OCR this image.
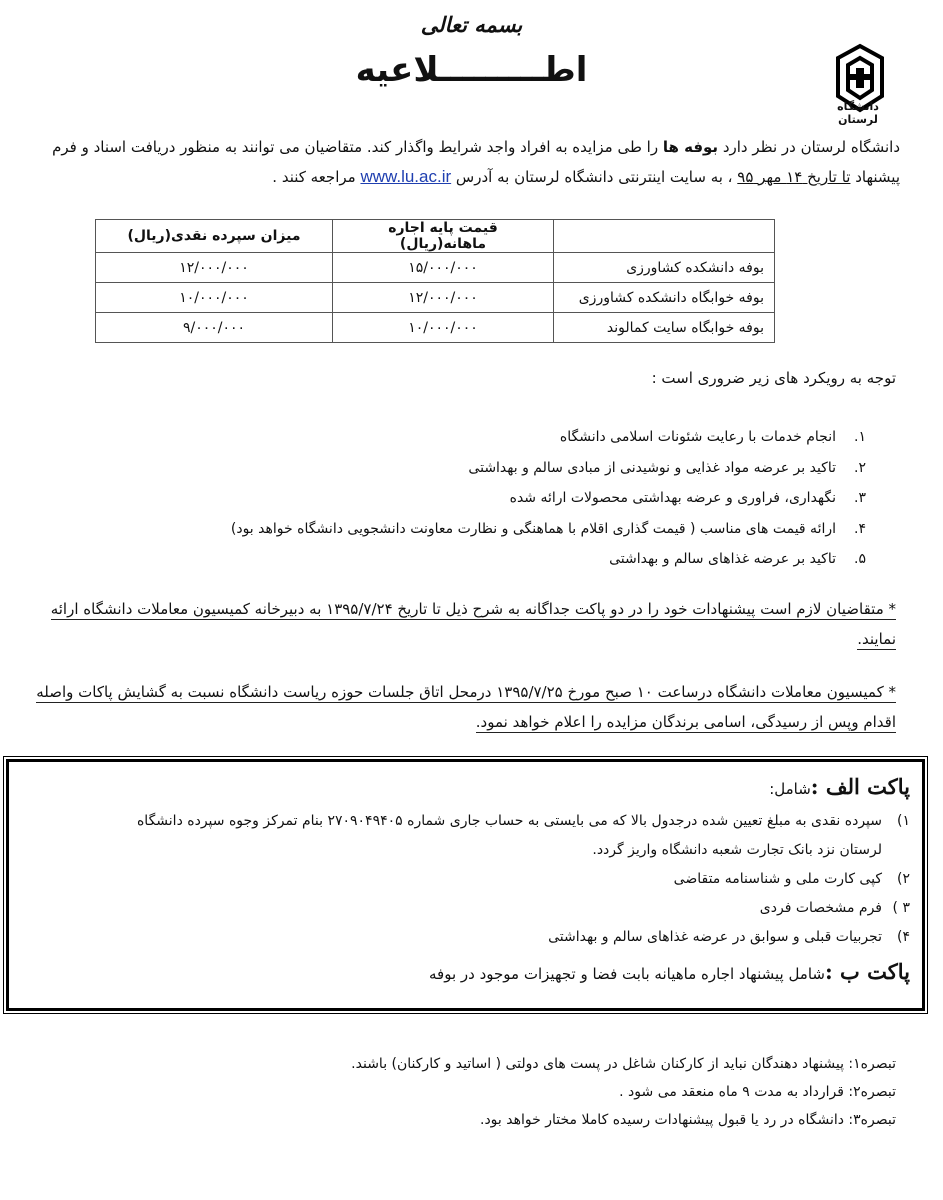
بسمه تعالی
اطـــــــــلاعیه
دانشگاه لرستان
دانشگاه لرستان در نظر دارد بوفه ها را طی مزایده به افراد واجد شرایط واگذار کند. متقاضیان می توانند به منظور دریافت اسناد و فرم پیشنهاد تا تاریخ ۱۴ مهر ۹۵ ، به سایت اینترنتی دانشگاه لرستان به آدرس www.lu.ac.ir مراجعه کنند .
	قیمت پایه اجاره ماهانه(ریال)	میزان سپرده نقدی(ریال)
بوفه دانشکده کشاورزی	۱۵/۰۰۰/۰۰۰	۱۲/۰۰۰/۰۰۰
بوفه خوابگاه دانشکده کشاورزی	۱۲/۰۰۰/۰۰۰	۱۰/۰۰۰/۰۰۰
بوفه خوابگاه سایت کمالوند	۱۰/۰۰۰/۰۰۰	۹/۰۰۰/۰۰۰
توجه به رویکرد های زیر ضروری است :
۱.انجام خدمات با رعایت شئونات اسلامی دانشگاه
۲.تاکید بر عرضه مواد غذایی و نوشیدنی از مبادی سالم و بهداشتی
۳.نگهداری، فراوری و عرضه بهداشتی محصولات ارائه شده
۴.ارائه قیمت های مناسب ( قیمت گذاری اقلام با هماهنگی و نظارت معاونت دانشجویی دانشگاه خواهد بود)
۵.تاکید بر عرضه غذاهای سالم و بهداشتی
* متقاضیان لازم است پیشنهادات خود را در دو پاکت جداگانه به شرح ذیل تا تاریخ ۱۳۹۵/۷/۲۴ به دبیرخانه کمیسیون معاملات دانشگاه ارائه
نمایند.
* کمیسیون معاملات دانشگاه درساعت ۱۰ صبح مورخ ۱۳۹۵/۷/۲۵ درمحل اتاق جلسات حوزه ریاست دانشگاه نسبت به گشایش پاکات واصله
اقدام وپس از رسیدگی، اسامی برندگان مزایده را اعلام خواهد نمود.
پاکت الف :شامل:
۱)سپرده نقدی به مبلغ تعیین شده درجدول بالا که می بایستی به حساب جاری شماره ۲۷۰۹۰۴۹۴۰۵ بنام تمرکز وجوه سپرده دانشگاه
لرستان نزد بانک تجارت شعبه دانشگاه واریز گردد.
۲)کپی کارت ملی و شناسنامه متقاضی
۳ )فرم مشخصات فردی
۴)تجربیات قبلی و سوابق در عرضه غذاهای سالم و بهداشتی
پاکت ب :شامل پیشنهاد اجاره ماهیانه بابت فضا و تجهیزات موجود در بوفه
تبصره۱: پیشنهاد دهندگان نباید از کارکنان شاغل در پست های دولتی ( اساتید و کارکنان) باشند.
تبصره۲: قرارداد به مدت ۹ ماه منعقد می شود .
تبصره۳: دانشگاه در رد یا قبول پیشنهادات رسیده کاملا مختار خواهد بود.
